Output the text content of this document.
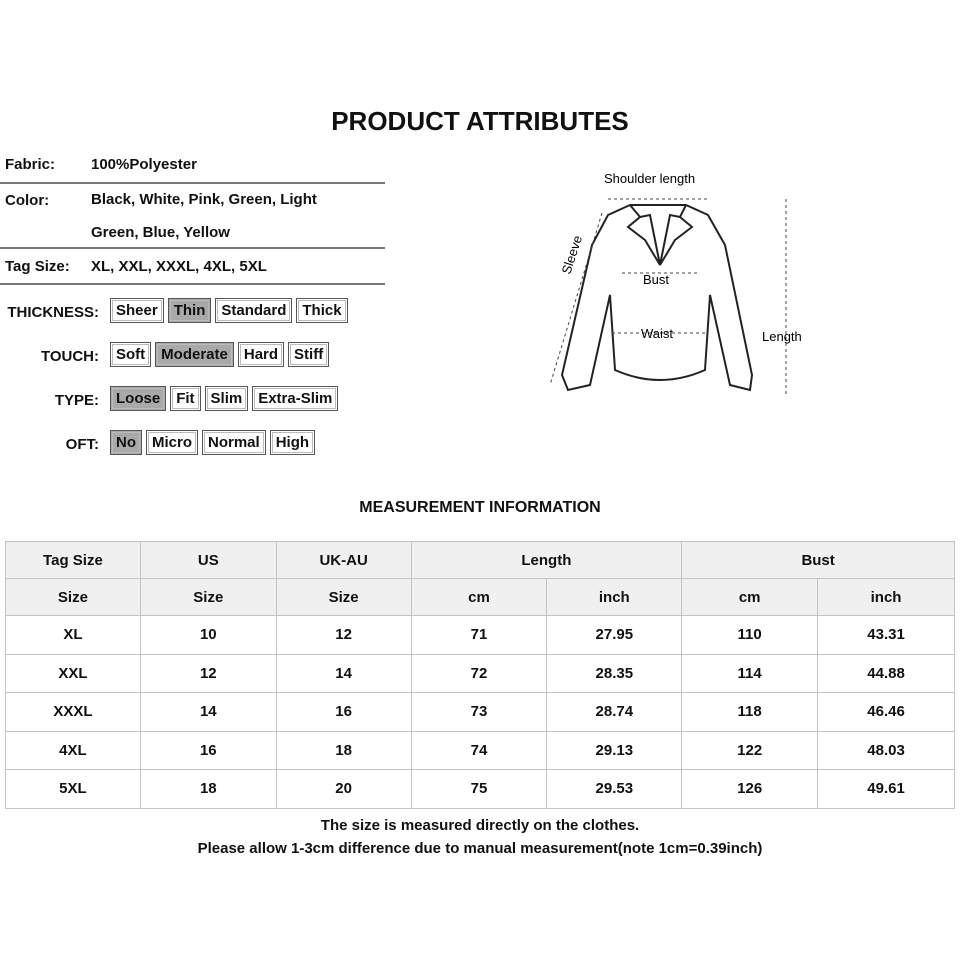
PRODUCT ATTRIBUTES
Fabric: 100%Polyester
Color:	Black, White, Pink, Green, Light
Green, Blue, Yellow
Tag Size: XL, XXL, XXXL, 4XL, 5XL
THICKNESS:	Sheer	Thin	Standard	Thick
TOUCH:	Soft	Moderate	Hard	Stiff
TYPE:	Loose	Fit	Slim	Extra-Slim
OFT:	No	Micro	Normal	High
Shoulder length
Sleeve
Bust
Waist	Length
MEASUREMENT INFORMATION
Tag Size	US	UK-AU	Length		Bust	
Size	Size	Size	cm	inch	cm	inch
XL	10	12	71	27.95	110	43.31
XXL	12	14	72	28.35	114	44.88
XXXL	14	16	73	28.74	118	46.46
4XL	16	18	74	29.13	122	48.03
5XL	18	20	75	29.53	126	49.61
The size is measured directly on the clothes.
Please allow 1-3cm difference due to manual measurement(note 1cm=0.39inch)
